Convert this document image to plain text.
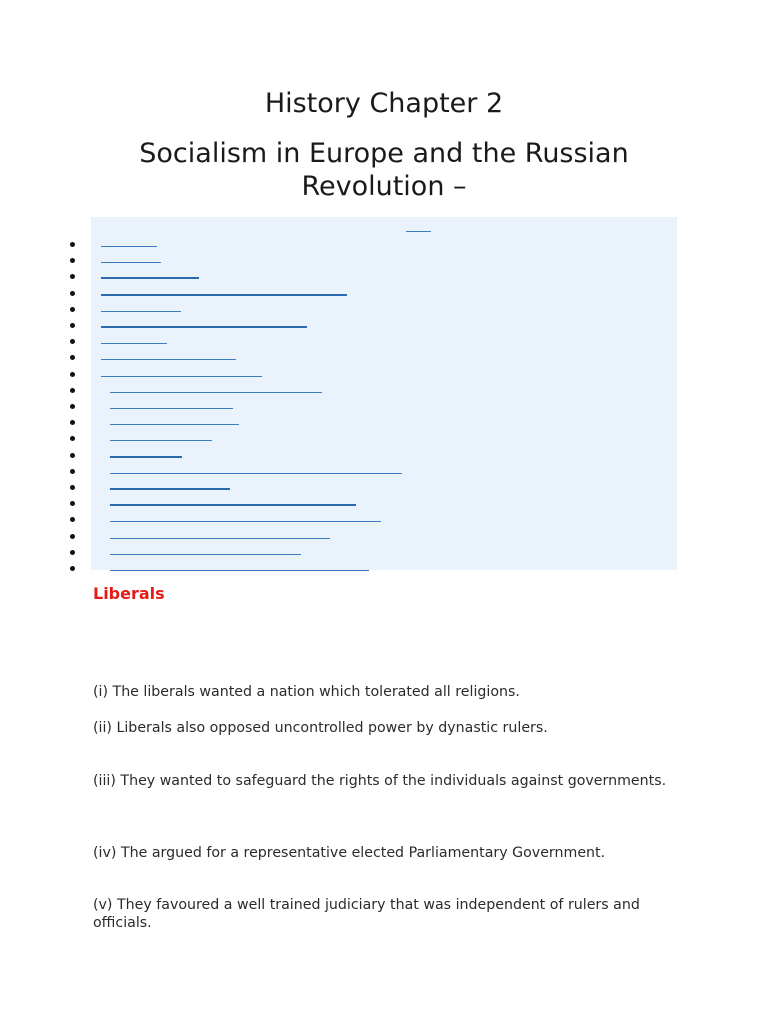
History Chapter 2
Socialism in Europe and the Russian Revolution –
Liberals

(i) The liberals wanted a nation which tolerated all religions.

(ii) Liberals also opposed uncontrolled power by dynastic rulers.

(iii) They wanted to safeguard the rights of the individuals against governments.

(iv) The argued for a representative elected Parliamentary Government.

(v) They favoured a well trained judiciary that was independent of rulers and officials.
